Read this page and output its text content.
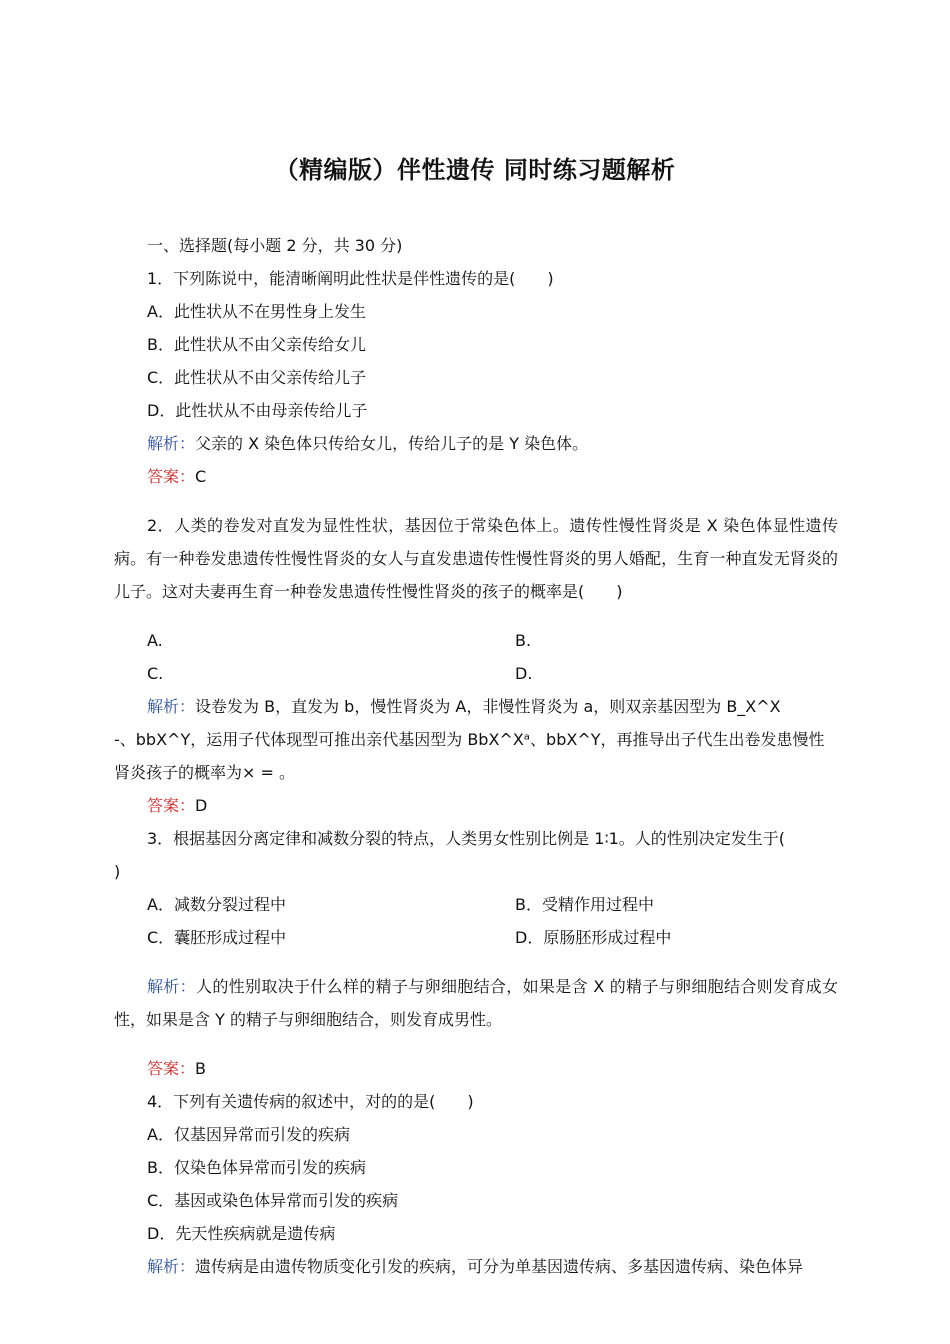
（精编版）伴性遗传 同时练习题解析

一、选择题(每小题 2 分，共 30 分)

1．下列陈说中，能清晰阐明此性状是伴性遗传的是(　　)

A．此性状从不在男性身上发生

B．此性状从不由父亲传给女儿

C．此性状从不由父亲传给儿子

D．此性状从不由母亲传给儿子

解析：父亲的 X 染色体只传给女儿，传给儿子的是 Y 染色体。

答案：C

2．人类的卷发对直发为显性性状，基因位于常染色体上。遗传性慢性肾炎是 X 染色体显性遗传病。有一种卷发患遗传性慢性肾炎的女人与直发患遗传性慢性肾炎的男人婚配，生育一种直发无肾炎的儿子。这对夫妻再生育一种卷发患遗传性慢性肾炎的孩子的概率是(　　)

A.	B.
C.	D.

解析：设卷发为 B，直发为 b，慢性肾炎为 A，非慢性肾炎为 a，则双亲基因型为 B_X^X

-、bbX^Y，运用子代体现型可推出亲代基因型为 BbX^Xᵃ、bbX^Y，再推导出子代生出卷发患慢性

肾炎孩子的概率为× = 。

答案：D

3．根据基因分离定律和减数分裂的特点，人类男女性别比例是 1∶1。人的性别决定发生于(

)

A．减数分裂过程中	B．受精作用过程中
C．囊胚形成过程中	D．原肠胚形成过程中

解析：人的性别取决于什么样的精子与卵细胞结合，如果是含 X 的精子与卵细胞结合则发育成女性，如果是含 Y 的精子与卵细胞结合，则发育成男性。

答案：B

4．下列有关遗传病的叙述中，对的的是(　　)

A．仅基因异常而引发的疾病

B．仅染色体异常而引发的疾病

C．基因或染色体异常而引发的疾病

D．先天性疾病就是遗传病

解析：遗传病是由遗传物质变化引发的疾病，可分为单基因遗传病、多基因遗传病、染色体异
